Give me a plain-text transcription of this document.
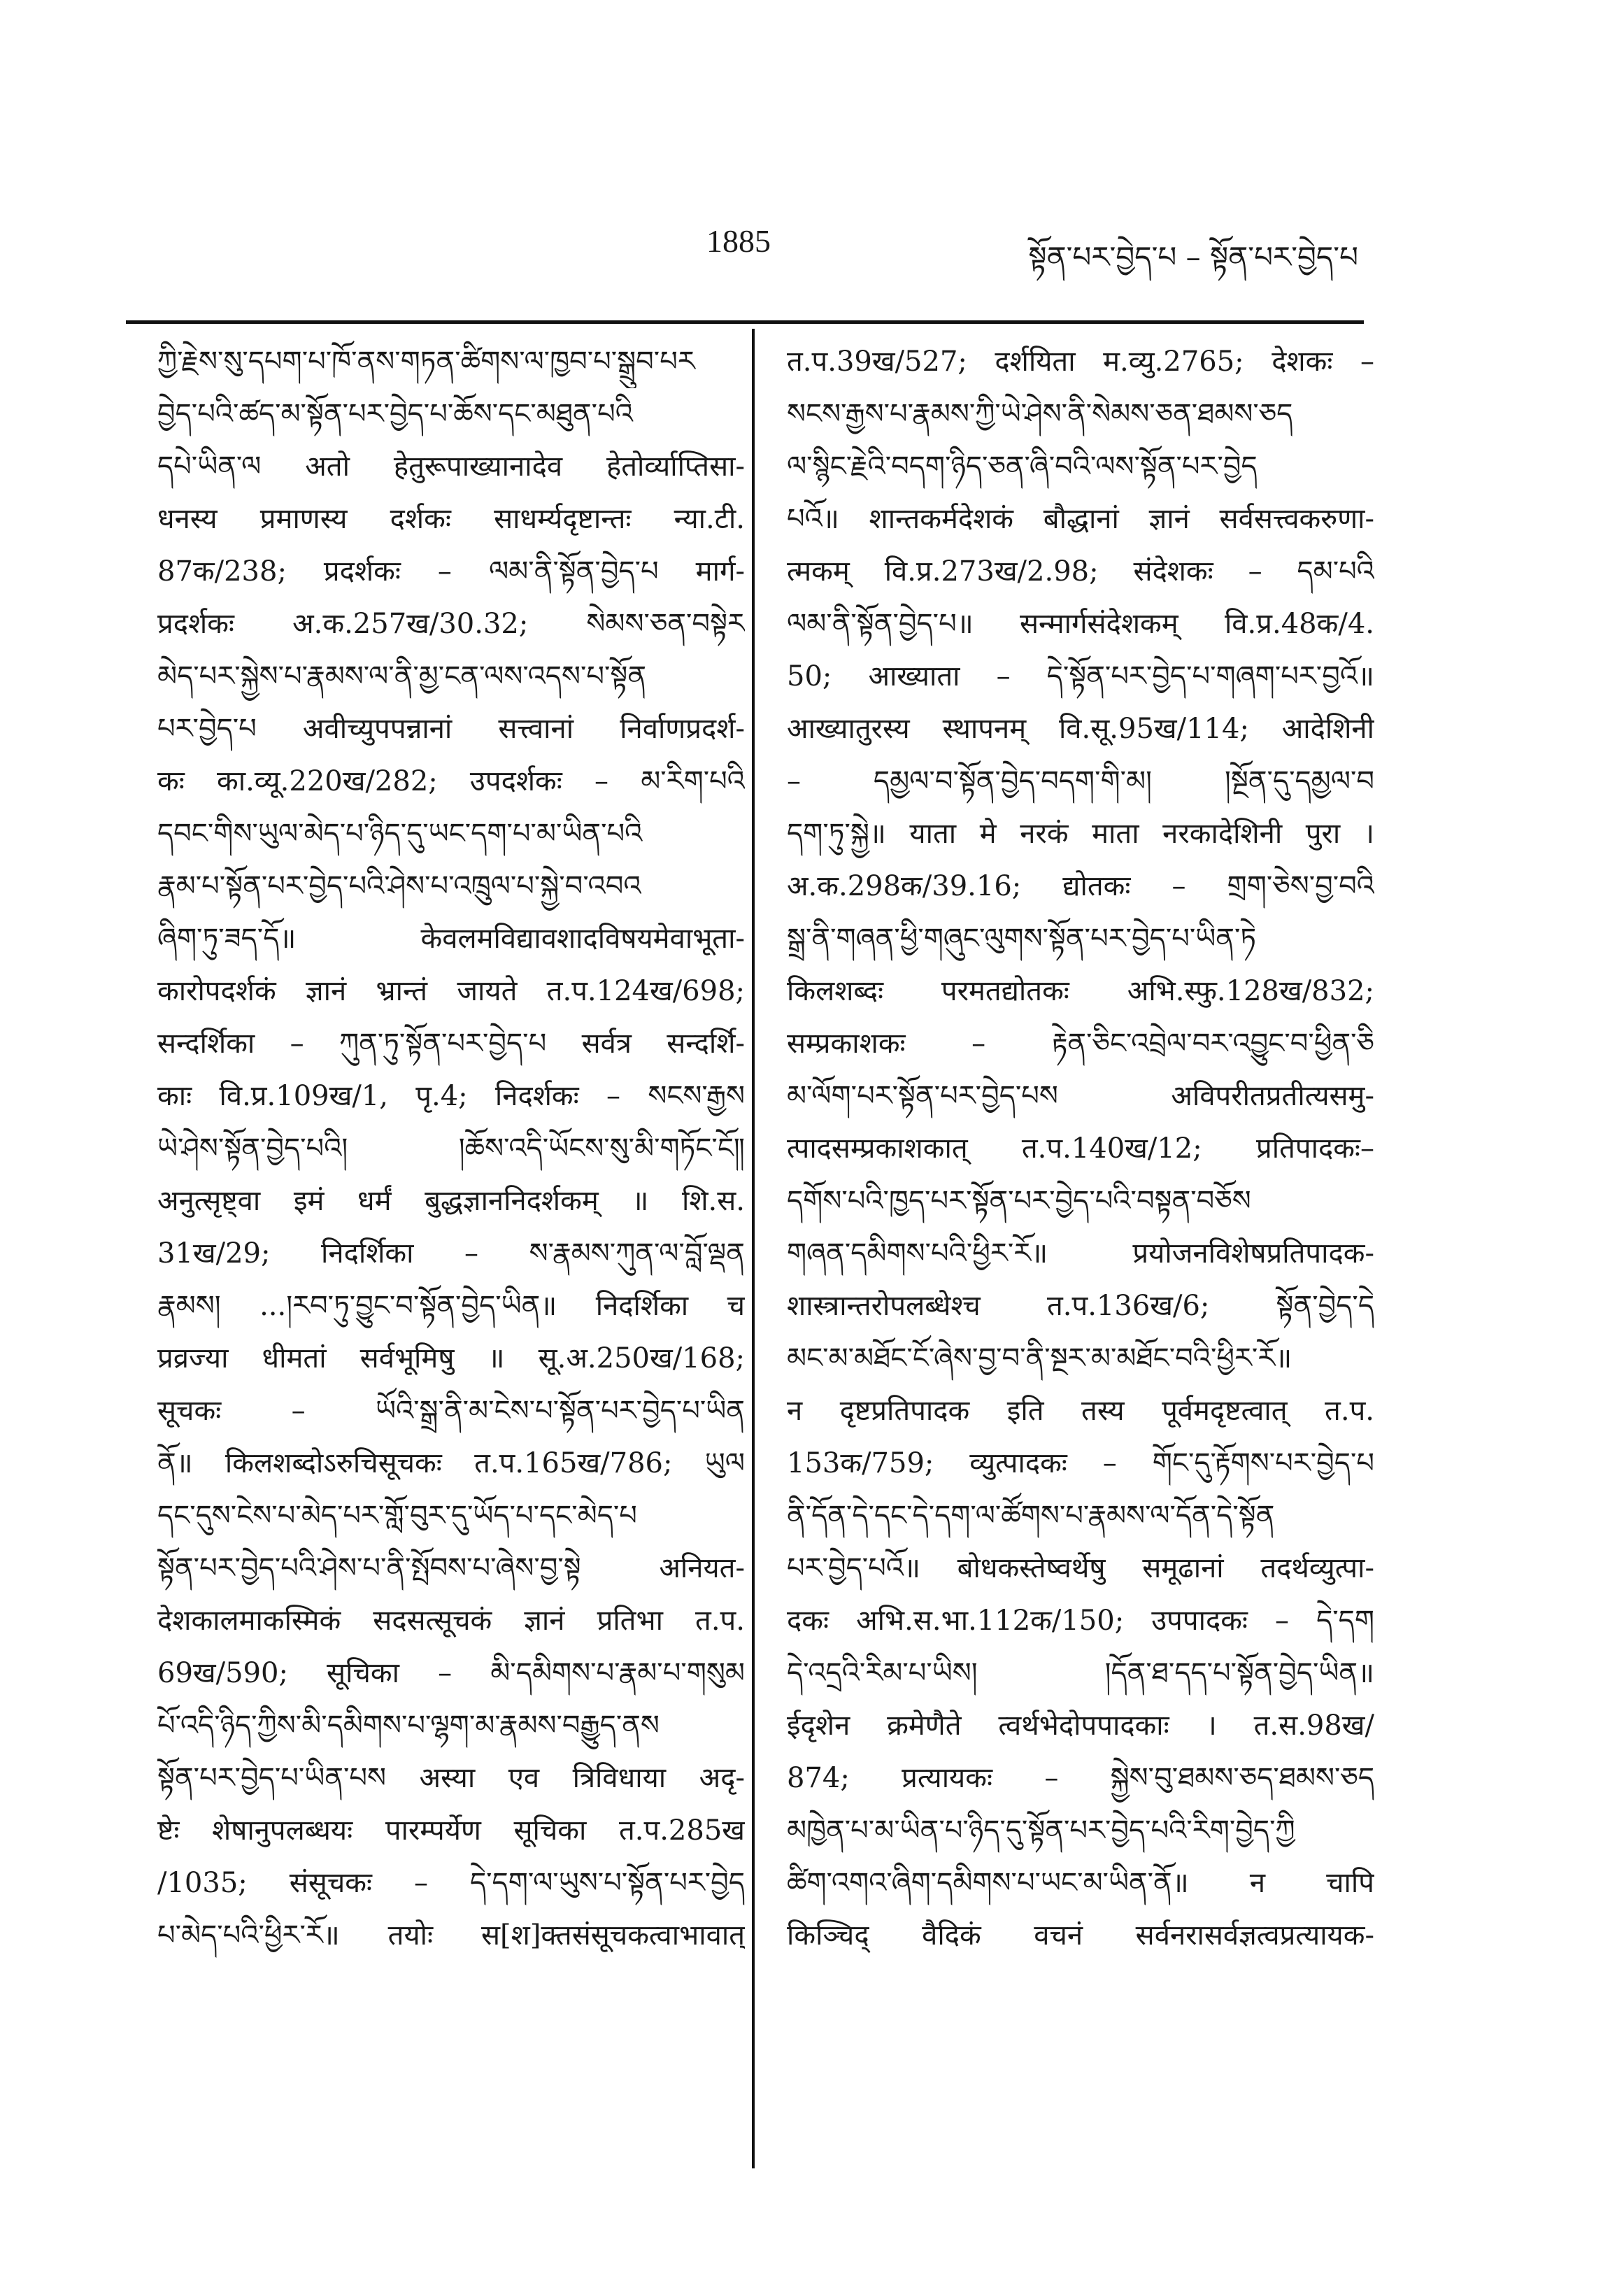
1885	སྟོན་པར་བྱེད་པ – སྟོན་པར་བྱེད་པ
ཀྱི་རྗེས་སུ་དཔག་པ་ཁོ་ནས་གཏན་ཚིགས་ལ་ཁྱབ་པ་སྒྲུབ་པར
བྱེད་པའི་ཚད་མ་སྟོན་པར་བྱེད་པ་ཆོས་དང་མཐུན་པའི
དཔེ་ཡིན་ལ अतो हेतुरूपाख्यानादेव हेतोर्व्याप्तिसा-
धनस्य प्रमाणस्य दर्शकः साधर्म्यदृष्टान्तः न्या.टी.
87क/238; प्रदर्शकः – ལམ་ནི་སྟོན་བྱེད་པ मार्ग-
प्रदर्शकः अ.क.257ख/30.32; སེམས་ཅན་བསྟེར
མེད་པར་སྐྱེས་པ་རྣམས་ལ་ནི་མྱ་ངན་ལས་འདས་པ་སྟོན
པར་བྱེད་པ अवीच्युपपन्नानां सत्त्वानां निर्वाणप्रदर्श-
कः का.व्यू.220ख/282; उपदर्शकः – མ་རིག་པའི
དབང་གིས་ཡུལ་མེད་པ་ཉིད་དུ་ཡང་དག་པ་མ་ཡིན་པའི
རྣམ་པ་སྟོན་པར་བྱེད་པའི་ཤེས་པ་འཁྲུལ་པ་སྐྱེ་བ་འབའ
ཞིག་ཏུ་ཟད་དོ॥ केवलमविद्यावशादविषयमेवाभूता-
कारोपदर्शकं ज्ञानं भ्रान्तं जायते त.प.124ख/698;
सन्दर्शिका – ཀུན་ཏུ་སྟོན་པར་བྱེད་པ सर्वत्र सन्दर्शि-
काः वि.प्र.109ख/1, पृ.4; निदर्शकः – སངས་རྒྱས
ཡེ་ཤེས་སྟོན་བྱེད་པའི། །ཆོས་འདི་ཡོངས་སུ་མི་གཏོང་ངོ༎
अनुत्सृष्ट्वा इमं धर्मं बुद्धज्ञाननिदर्शकम् ॥ शि.स.
31ख/29; निदर्शिका – ས་རྣམས་ཀུན་ལ་བློ་ལྡན
རྣམས། ...།རབ་ཏུ་བྱུང་བ་སྟོན་བྱེད་ཡིན॥ निदर्शिका च
प्रव्रज्या धीमतां सर्वभूमिषु ॥ सू.अ.250ख/168;
सूचकः – ཡོའི་སྒྲ་ནི་མ་ངེས་པ་སྟོན་པར་བྱེད་པ་ཡིན
ནོ॥ किलशब्दोऽरुचिसूचकः त.प.165ख/786; ཡུལ
དང་དུས་ངེས་པ་མེད་པར་གློ་བུར་དུ་ཡོད་པ་དང་མེད་པ
སྟོན་པར་བྱེད་པའི་ཤེས་པ་ནི་སྤོབས་པ་ཞེས་བྱ་སྟེ अनियत-
देशकालमाकस्मिकं सदसत्सूचकं ज्ञानं प्रतिभा त.प.
69ख/590; सूचिका – མི་དམིགས་པ་རྣམ་པ་གསུམ
པོ་འདི་ཉིད་ཀྱིས་མི་དམིགས་པ་ལྷག་མ་རྣམས་བརྒྱུད་ནས
སྟོན་པར་བྱེད་པ་ཡིན་པས अस्या एव त्रिविधाया अदृ-
ष्टेः शेषानुपलब्धयः पारम्पर्येण सूचिका त.प.285ख
/1035; संसूचकः – དེ་དག་ལ་ཡུས་པ་སྟོན་པར་བྱེད
པ་མེད་པའི་ཕྱིར་རོ॥ तयोः स[श]क्तसंसूचकत्वाभावात्
त.प.39ख/527; दर्शयिता म.व्यु.2765; देशकः –
སངས་རྒྱས་པ་རྣམས་ཀྱི་ཡེ་ཤེས་ནི་སེམས་ཅན་ཐམས་ཅད
ལ་སྙིང་རྗེའི་བདག་ཉིད་ཅན་ཞི་བའི་ལས་སྟོན་པར་བྱེད
པའོ॥ शान्तकर्मदेशकं बौद्धानां ज्ञानं सर्वसत्त्वकरुणा-
त्मकम् वि.प्र.273ख/2.98; संदेशकः – དམ་པའི
ལམ་ནི་སྟོན་བྱེད་པ॥ सन्मार्गसंदेशकम् वि.प्र.48क/4.
50; आख्याता – དེ་སྟོན་པར་བྱེད་པ་གཞག་པར་བྱའོ॥
आख्यातुरस्य स्थापनम् वि.सू.95ख/114; आदेशिनी
– དམྱལ་བ་སྟོན་བྱེད་བདག་གི་མ། །སྔོན་དུ་དམྱལ་བ
དག་ཏུ་སྐྱེ॥ याता मे नरकं माता नरकादेशिनी पुरा ।
अ.क.298क/39.16; द्योतकः – གྲག་ཅེས་བྱ་བའི
སྒྲ་ནི་གཞན་ཕྱི་གཞུང་ལུགས་སྟོན་པར་བྱེད་པ་ཡིན་ཏེ
किलशब्दः परमतद्योतकः अभि.स्फु.128ख/832;
सम्प्रकाशकः – རྟེན་ཅིང་འབྲེལ་བར་འབྱུང་བ་ཕྱིན་ཅི
མ་ལོག་པར་སྟོན་པར་བྱེད་པས अविपरीतप्रतीत्यसमु-
त्पादसम्प्रकाशकात् त.प.140ख/12; प्रतिपादकः–
དགོས་པའི་ཁྱད་པར་སྟོན་པར་བྱེད་པའི་བསྟན་བཅོས
གཞན་དམིགས་པའི་ཕྱིར་རོ॥ प्रयोजनविशेषप्रतिपादक-
शास्त्रान्तरोपलब्धेश्च त.प.136ख/6; སྟོན་བྱེད་དེ
མང་མ་མཐོང་ངོ་ཞེས་བྱ་བ་ནི་སྔར་མ་མཐོང་བའི་ཕྱིར་རོ॥
न दृष्टप्रतिपादक इति तस्य पूर्वमदृष्टत्वात् त.प.
153क/759; व्युत्पादकः – གོང་དུ་རྟོགས་པར་བྱེད་པ
ནི་དོན་དེ་དང་དེ་དག་ལ་ཚོགས་པ་རྣམས་ལ་དོན་དེ་སྟོན
པར་བྱེད་པའོ॥ बोधकस्तेष्वर्थेषु समूढानां तदर्थव्युत्पा-
दकः अभि.स.भा.112क/150; उपपादकः – དེ་དག
དེ་འདྲའི་རིམ་པ་ཡིས། །དོན་ཐ་དད་པ་སྟོན་བྱེད་ཡིན॥
ईदृशेन क्रमेणैते त्वर्थभेदोपपादकाः । त.स.98ख/
874; प्रत्यायकः – སྐྱེས་བུ་ཐམས་ཅད་ཐམས་ཅད
མཁྱེན་པ་མ་ཡིན་པ་ཉིད་དུ་སྟོན་པར་བྱེད་པའི་རིག་བྱེད་ཀྱི
ཚིག་འགའ་ཞིག་དམིགས་པ་ཡང་མ་ཡིན་ནོ॥ न चापि
किञ्चिद् वैदिकं वचनं सर्वनरासर्वज्ञत्वप्रत्यायक-
